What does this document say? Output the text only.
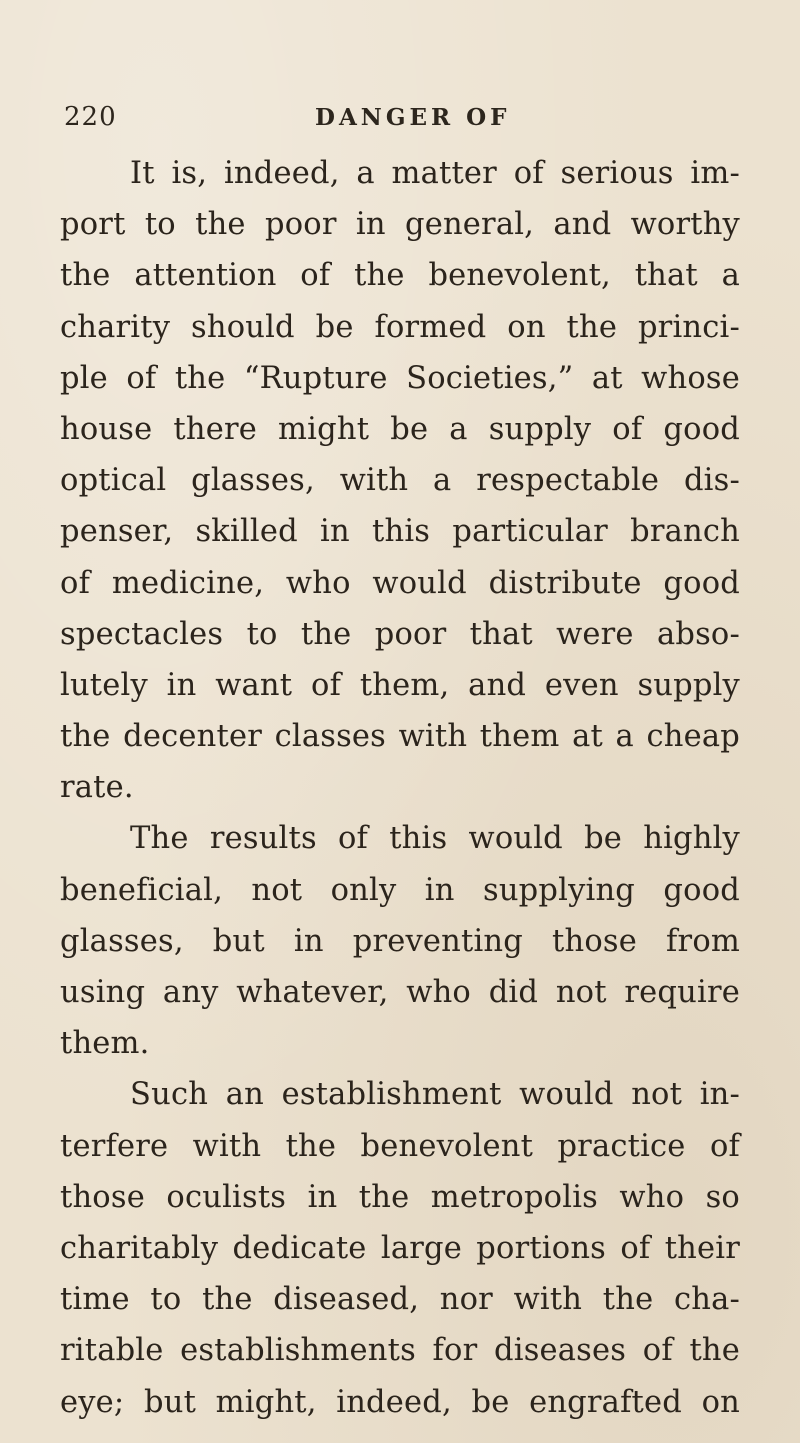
220	DANGER OF
It is, indeed, a matter of serious im-
port to the poor in general, and worthy
the attention of the benevolent, that a
charity should be formed on the princi-
ple of the “Rupture Societies,” at whose
house there might be a supply of good
optical glasses, with a respectable dis-
penser, skilled in this particular branch
of medicine, who would distribute good
spectacles to the poor that were abso-
lutely in want of them, and even supply
the decenter classes with them at a cheap
rate.
The results of this would be highly
beneficial, not only in supplying good
glasses, but in preventing those from
using any whatever, who did not require
them.
Such an establishment would not in-
terfere with the benevolent practice of
those oculists in the metropolis who so
charitably dedicate large portions of their
time to the diseased, nor with the cha-
ritable establishments for diseases of the
eye; but might, indeed, be engrafted on
